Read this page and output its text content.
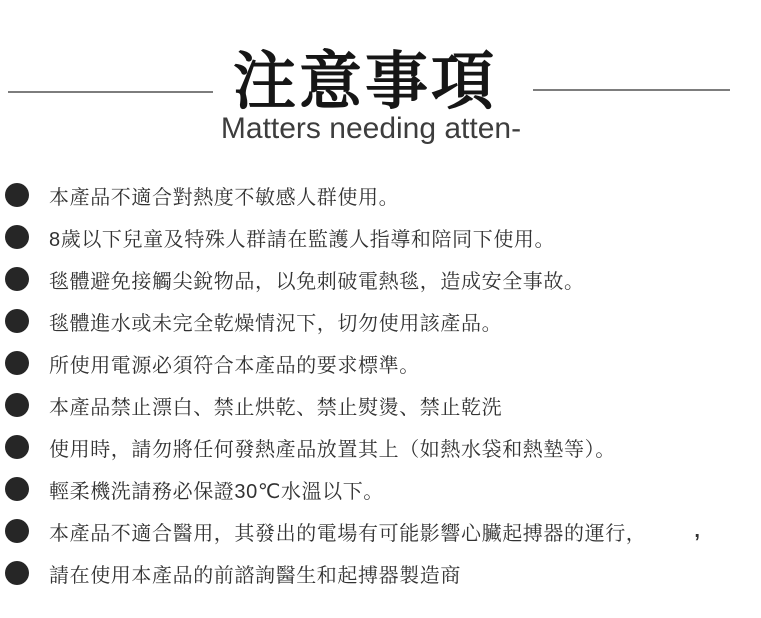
注意事項
Matters needing atten-
本產品不適合對熱度不敏感人群使用。
8歲以下兒童及特殊人群請在監護人指導和陪同下使用。
毯體避免接觸尖銳物品，以免刺破電熱毯，造成安全事故。
毯體進水或未完全乾燥情況下，切勿使用該產品。
所使用電源必須符合本產品的要求標準。
本產品禁止漂白、禁止烘乾、禁止熨燙、禁止乾洗
使用時，請勿將任何發熱產品放置其上（如熱水袋和熱墊等）。
輕柔機洗請務必保證30℃水溫以下。
本產品不適合醫用，其發出的電場有可能影響心臟起搏器的運行， ,
請在使用本產品的前諮詢醫生和起搏器製造商
